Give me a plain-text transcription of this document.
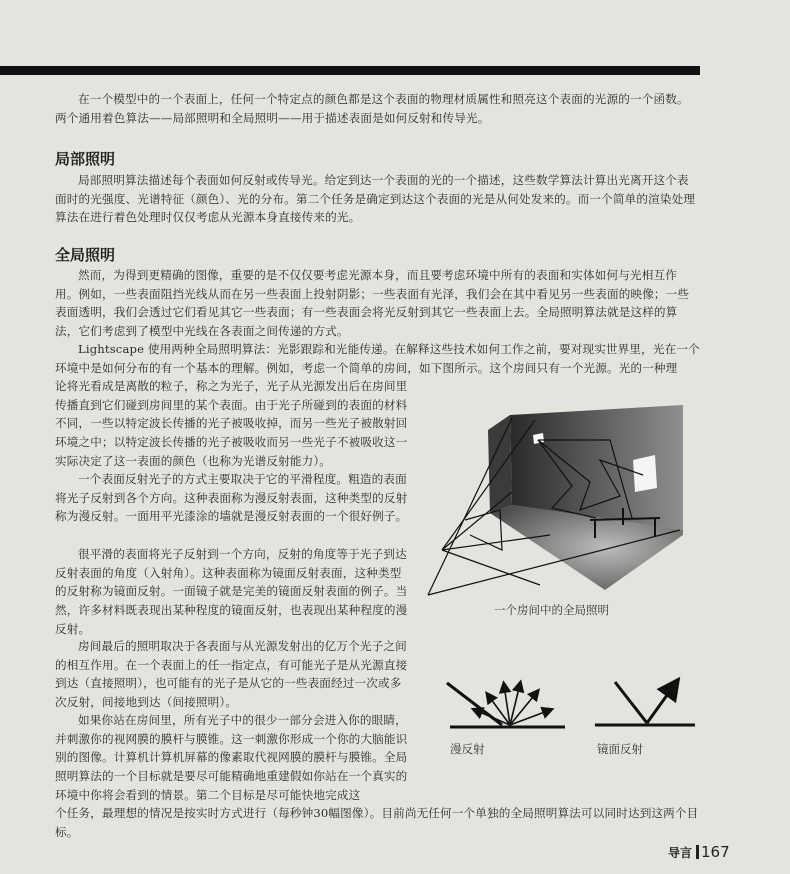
在一个模型中的一个表面上，任何一个特定点的颜色都是这个表面的物理材质属性和照亮这个表面的光源的一个函数。两个通用着色算法——局部照明和全局照明——用于描述表面是如何反射和传导光。

局部照明

局部照明算法描述每个表面如何反射或传导光。给定到达一个表面的光的一个描述，这些数学算法计算出光离开这个表面时的光强度、光谱特征（颜色）、光的分布。第二个任务是确定到达这个表面的光是从何处发来的。而一个简单的渲染处理算法在进行着色处理时仅仅考虑从光源本身直接传来的光。

全局照明

然而，为得到更精确的图像，重要的是不仅仅要考虑光源本身，而且要考虑环境中所有的表面和实体如何与光相互作用。例如，一些表面阻挡光线从而在另一些表面上投射阴影；一些表面有光泽，我们会在其中看见另一些表面的映像；一些表面透明，我们会透过它们看见其它一些表面；有一些表面会将光反射到其它一些表面上去。全局照明算法就是这样的算法，它们考虑到了模型中光线在各表面之间传递的方式。

Lightscape 使用两种全局照明算法：光影跟踪和光能传递。在解释这些技术如何工作之前，要对现实世界里，光在一个环境中是如何分布的有一个基本的理解。例如，考虑一个简单的房间，如下图所示。这个房间只有一个光源。光的一种理

论将光看成是离散的粒子，称之为光子，光子从光源发出后在房间里传播直到它们碰到房间里的某个表面。由于光子所碰到的表面的材料不同，一些以特定波长传播的光子被吸收掉，而另一些光子被散射回环境之中；以特定波长传播的光子被吸收而另一些光子不被吸收这一实际决定了这一表面的颜色（也称为光谱反射能力）。

一个表面反射光子的方式主要取决于它的平滑程度。粗造的表面将光子反射到各个方向。这种表面称为漫反射表面，这种类型的反射称为漫反射。一面用平光漆涂的墙就是漫反射表面的一个很好例子。

很平滑的表面将光子反射到一个方向，反射的角度等于光子到达反射表面的角度（入射角）。这种表面称为镜面反射表面，这种类型的反射称为镜面反射。一面镜子就是完美的镜面反射表面的例子。当然，许多材料既表现出某种程度的镜面反射，也表现出某种程度的漫反射。

房间最后的照明取决于各表面与从光源发射出的亿万个光子之间的相互作用。在一个表面上的任一指定点，有可能光子是从光源直接到达（直接照明），也可能有的光子是从它的一些表面经过一次或多次反射，间接地到达（间接照明）。

如果你站在房间里，所有光子中的很少一部分会进入你的眼睛，并刺激你的视网膜的膜杆与膜锥。这一刺激你形成一个你的大脑能识别的图像。计算机计算机屏幕的像素取代视网膜的膜杆与膜锥。全局照明算法的一个目标就是要尽可能精确地重建假如你站在一个真实的环境中你将会看到的情景。第二个目标是尽可能快地完成这

个任务，最理想的情况是按实时方式进行（每秒钟30幅图像）。目前尚无任何一个单独的全局照明算法可以同时达到这两个目标。

一个房间中的全局照明
漫反射	镜面反射
导言 167
